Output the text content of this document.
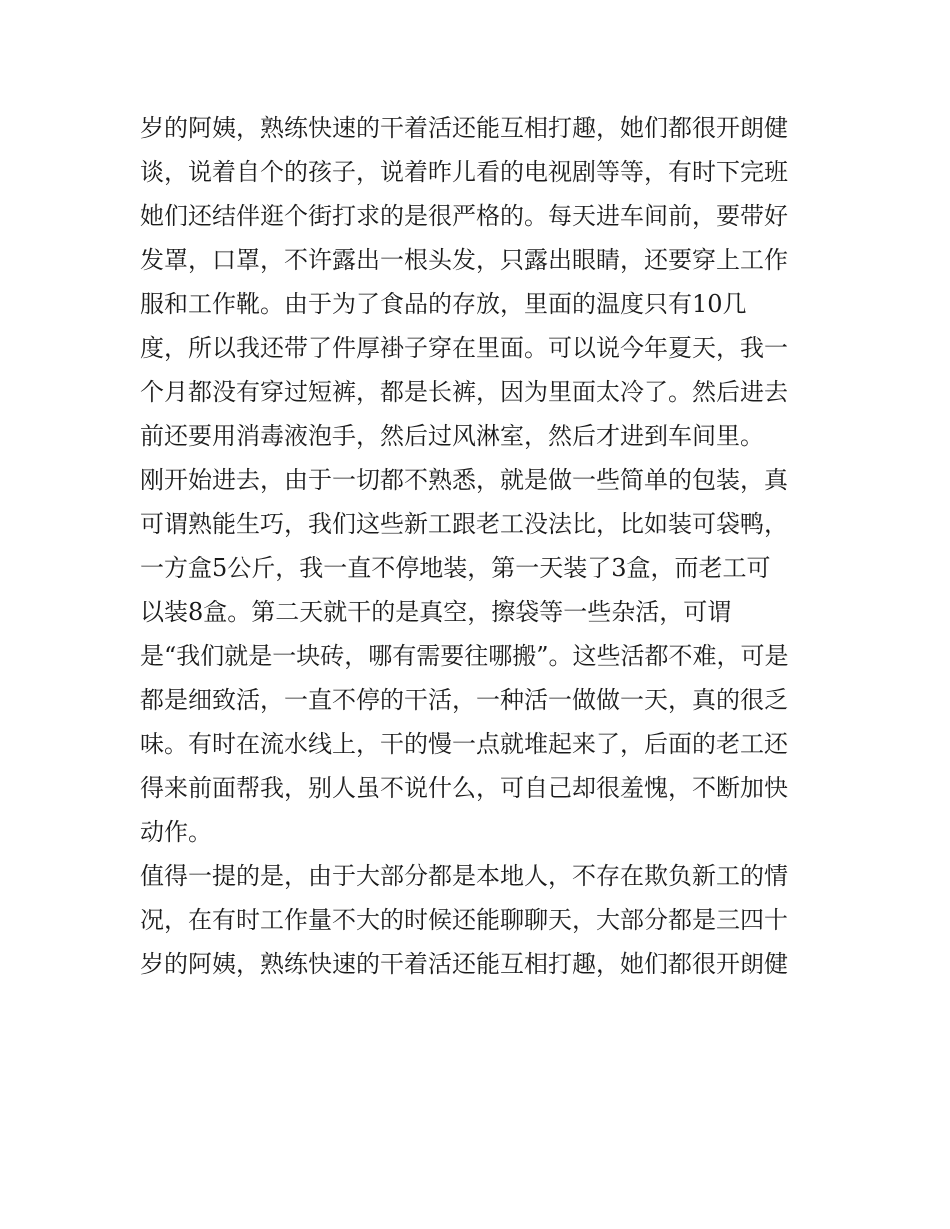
岁的阿姨，熟练快速的干着活还能互相打趣，她们都很开朗健
谈，说着自个的孩子，说着昨儿看的电视剧等等，有时下完班
她们还结伴逛个街打求的是很严格的。每天进车间前，要带好
发罩，口罩，不许露出一根头发，只露出眼睛，还要穿上工作
服和工作靴。由于为了食品的存放，里面的温度只有10几
度，所以我还带了件厚褂子穿在里面。可以说今年夏天，我一
个月都没有穿过短裤，都是长裤，因为里面太冷了。然后进去
前还要用消毒液泡手，然后过风淋室，然后才进到车间里。
刚开始进去，由于一切都不熟悉，就是做一些简单的包装，真
可谓熟能生巧，我们这些新工跟老工没法比，比如装可袋鸭，
一方盒5公斤，我一直不停地装，第一天装了3盒，而老工可
以装8盒。第二天就干的是真空，擦袋等一些杂活，可谓
是“我们就是一块砖，哪有需要往哪搬”。这些活都不难，可是
都是细致活，一直不停的干活，一种活一做做一天，真的很乏
味。有时在流水线上，干的慢一点就堆起来了，后面的老工还
得来前面帮我，别人虽不说什么，可自己却很羞愧，不断加快
动作。
值得一提的是，由于大部分都是本地人，不存在欺负新工的情
况，在有时工作量不大的时候还能聊聊天，大部分都是三四十
岁的阿姨，熟练快速的干着活还能互相打趣，她们都很开朗健
